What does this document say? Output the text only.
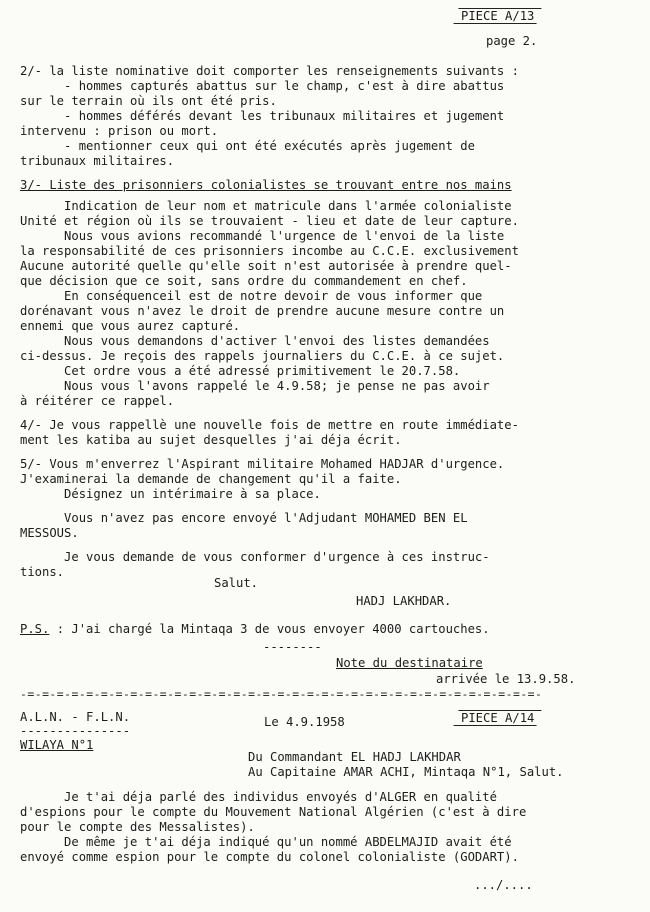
PIECE A/13
page 2.
2/- la liste nominative doit comporter les renseignements suivants :
- hommes capturés abattus sur le champ, c'est à dire abattus
sur le terrain où ils ont été pris.
- hommes déférés devant les tribunaux militaires et jugement
intervenu : prison ou mort.
- mentionner ceux qui ont été exécutés après jugement de
tribunaux militaires.
3/- Liste des prisonniers colonialistes se trouvant entre nos mains
Indication de leur nom et matricule dans l'armée colonialiste
Unité et région où ils se trouvaient - lieu et date de leur capture.
Nous vous avions recommandé l'urgence de l'envoi de la liste
la responsabilité de ces prisonniers incombe au C.C.E. exclusivement
Aucune autorité quelle qu'elle soit n'est autorisée à prendre quel-
que décision que ce soit, sans ordre du commandement en chef.
En conséquenceil est de notre devoir de vous informer que
dorénavant vous n'avez le droit de prendre aucune mesure contre un
ennemi que vous aurez capturé.
Nous vous demandons d'activer l'envoi des listes demandées
ci-dessus. Je reçois des rappels journaliers du C.C.E. à ce sujet.
Cet ordre vous a été adressé primitivement le 20.7.58.
Nous vous l'avons rappelé le 4.9.58; je pense ne pas avoir
à réitérer ce rappel.
4/- Je vous rappellè une nouvelle fois de mettre en route immédiate-
ment les katiba au sujet desquelles j'ai déja écrit.
5/- Vous m'enverrez l'Aspirant militaire Mohamed HADJAR d'urgence.
J'examinerai la demande de changement qu'il a faite.
Désignez un intérimaire à sa place.
Vous n'avez pas encore envoyé l'Adjudant MOHAMED BEN EL
MESSOUS.
Je vous demande de vous conformer d'urgence à ces instruc-
tions.
Salut.
HADJ LAKHDAR.
P.S. : J'ai chargé la Mintaqa 3 de vous envoyer 4000 cartouches.
--------
Note du destinataire
arrivée le 13.9.58.
-=-=-=-=-=-=-=-=-=-=-=-=-=-=-=-=-=-=-=-=-=-=-=-=-=-=-=-=-=-=-=-=-=-=-=-
A.L.N. - F.L.N.
---------------
WILAYA N°1
Le 4.9.1958	PIECE A/14
Du Commandant EL HADJ LAKHDAR
Au Capitaine AMAR ACHI, Mintaqa N°1, Salut.
Je t'ai déja parlé des individus envoyés d'ALGER en qualité
d'espions pour le compte du Mouvement National Algérien (c'est à dire
pour le compte des Messalistes).
De même je t'ai déja indiqué qu'un nommé ABDELMAJID avait été
envoyé comme espion pour le compte du colonel colonialiste (GODART).
.../....
